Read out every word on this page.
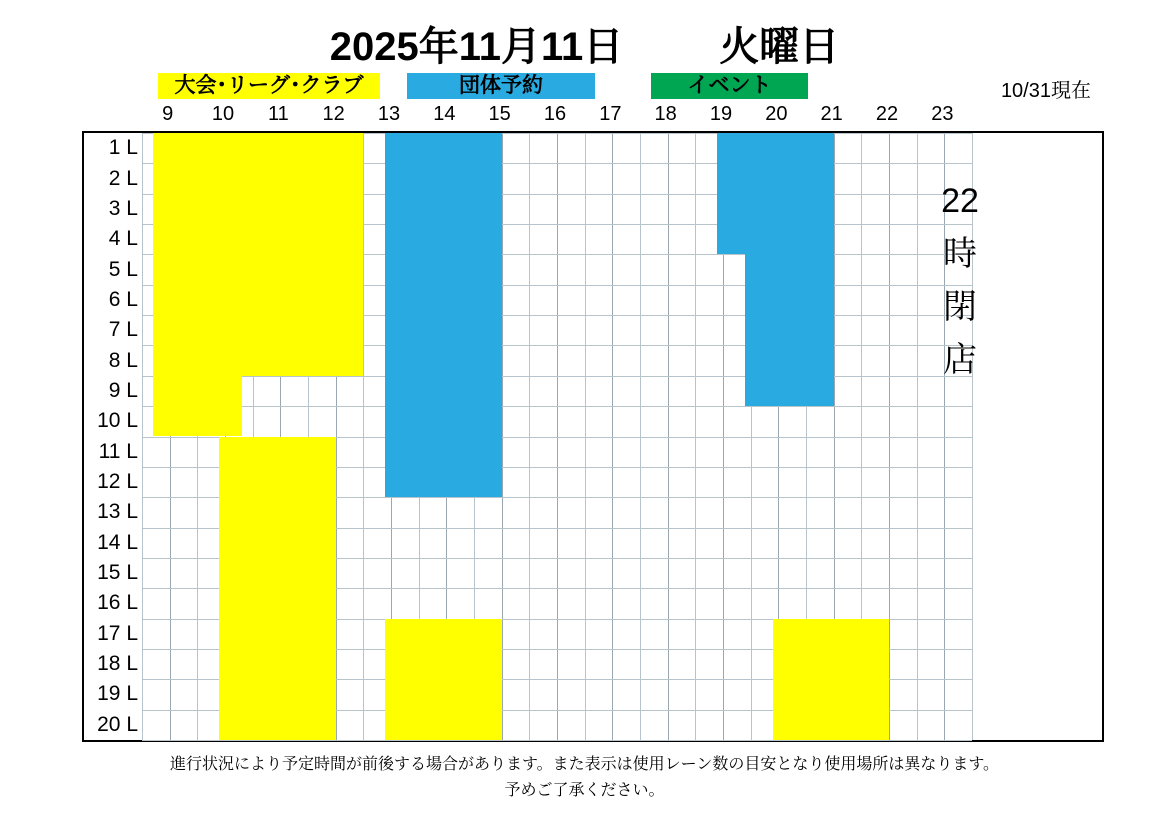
2025年11月11日 火曜日
大会･リーグ･クラブ	団体予約	イベント	10/31現在
9	10	11	12	13	14	15	16	17	18	19	20	21	22	23
1 L
2 L
3 L
4 L
5 L
6 L
7 L
8 L
9 L
10 L
11 L
12 L
13 L
14 L
15 L
16 L
17 L
18 L
19 L
20 L
22
時
閉
店
進行状況により予定時間が前後する場合があります。また表示は使用レーン数の目安となり使用場所は異なります。
予めご了承ください。
